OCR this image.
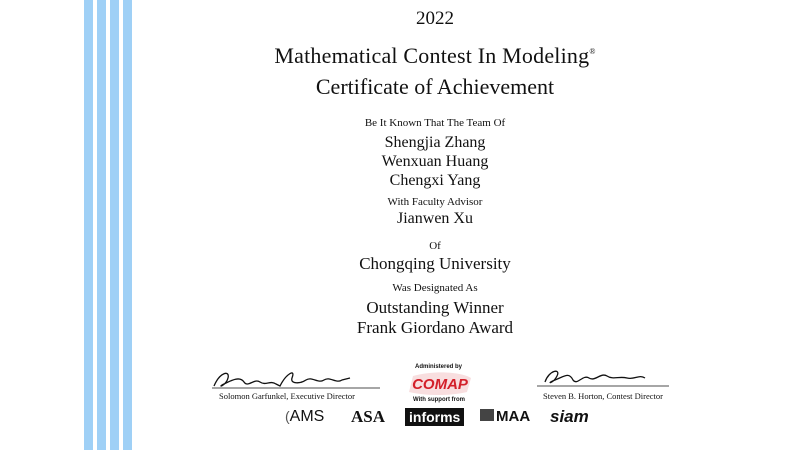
2022
Mathematical Contest In Modeling®
Certificate of Achievement
Be It Known That The Team Of
Shengjia Zhang
Wenxuan Huang
Chengxi Yang
With Faculty Advisor
Jianwen Xu
Of
Chongqing University
Was Designated As
Outstanding Winner
Frank Giordano Award
Solomon Garfunkel, Executive Director	Steven B. Horton, Contest Director
Administered by
COMAP
With support from
(AMS ASA informs	MAA siam
